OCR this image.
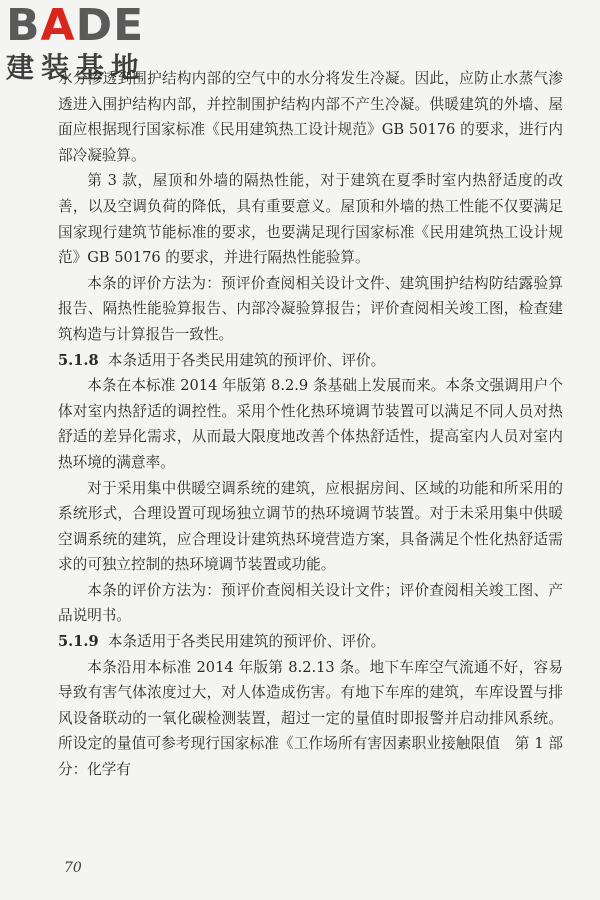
BADE
建装基地

水分渗透到围护结构内部的空气中的水分将发生冷凝。因此，应防止水蒸气渗透进入围护结构内部，并控制围护结构内部不产生冷凝。供暖建筑的外墙、屋面应根据现行国家标准《民用建筑热工设计规范》GB 50176 的要求，进行内部冷凝验算。

第 3 款，屋顶和外墙的隔热性能，对于建筑在夏季时室内热舒适度的改善，以及空调负荷的降低，具有重要意义。屋顶和外墙的热工性能不仅要满足国家现行建筑节能标准的要求，也要满足现行国家标准《民用建筑热工设计规范》GB 50176 的要求，并进行隔热性能验算。

本条的评价方法为：预评价查阅相关设计文件、建筑围护结构防结露验算报告、隔热性能验算报告、内部冷凝验算报告；评价查阅相关竣工图，检查建筑构造与计算报告一致性。

5.1.8 本条适用于各类民用建筑的预评价、评价。

本条在本标准 2014 年版第 8.2.9 条基础上发展而来。本条文强调用户个体对室内热舒适的调控性。采用个性化热环境调节装置可以满足不同人员对热舒适的差异化需求，从而最大限度地改善个体热舒适性，提高室内人员对室内热环境的满意率。

对于采用集中供暖空调系统的建筑，应根据房间、区域的功能和所采用的系统形式，合理设置可现场独立调节的热环境调节装置。对于未采用集中供暖空调系统的建筑，应合理设计建筑热环境营造方案，具备满足个性化热舒适需求的可独立控制的热环境调节装置或功能。

本条的评价方法为：预评价查阅相关设计文件；评价查阅相关竣工图、产品说明书。

5.1.9 本条适用于各类民用建筑的预评价、评价。

本条沿用本标准 2014 年版第 8.2.13 条。地下车库空气流通不好，容易导致有害气体浓度过大，对人体造成伤害。有地下车库的建筑，车库设置与排风设备联动的一氧化碳检测装置，超过一定的量值时即报警并启动排风系统。所设定的量值可参考现行国家标准《工作场所有害因素职业接触限值　第 1 部分：化学有

70
